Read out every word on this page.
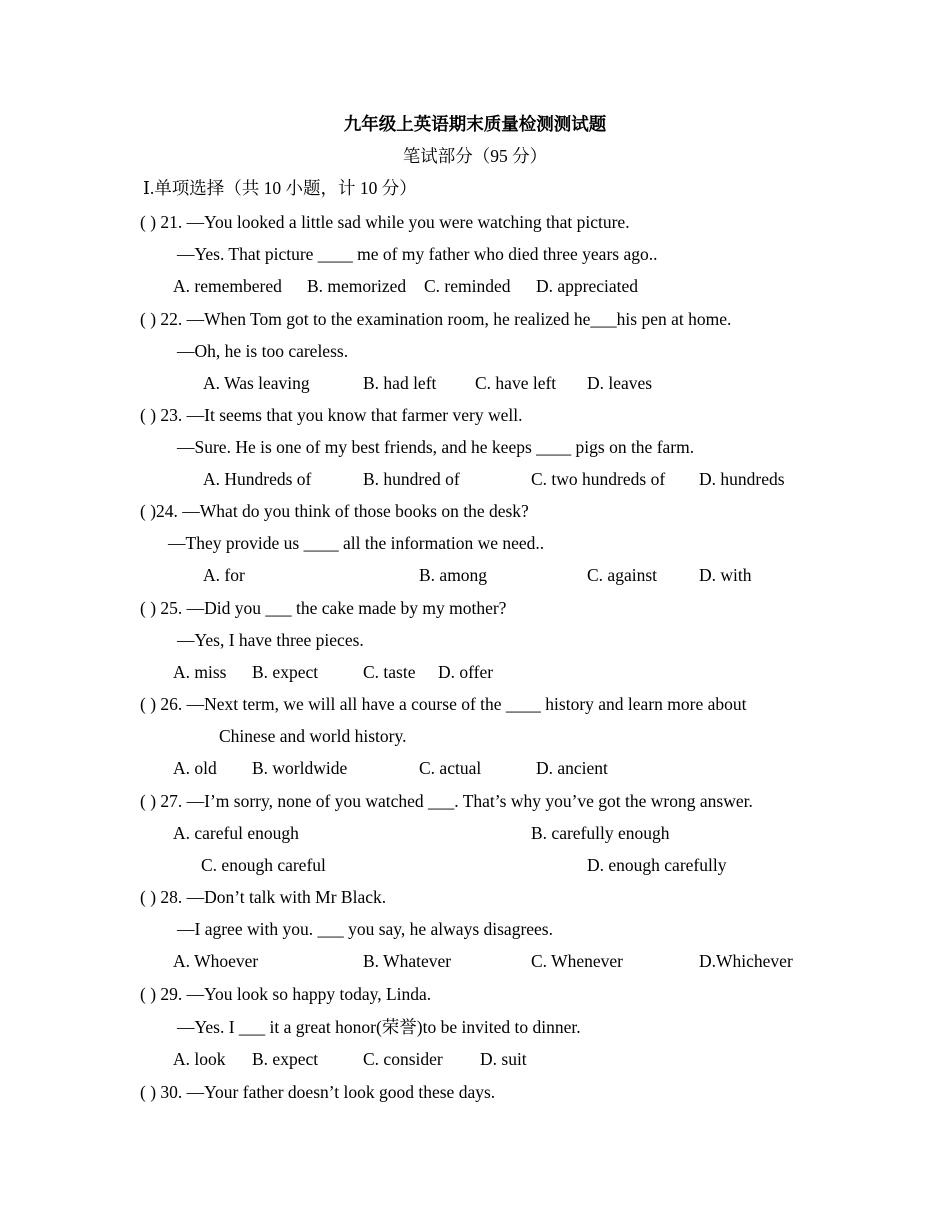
九年级上英语期末质量检测测试题
笔试部分（95 分）
Ⅰ.单项选择（共 10 小题，计 10 分）
( ) 21. —You looked a little sad while you were watching that picture.
—Yes. That picture ____ me of my father who died three years ago..
A. remembered B. memorized C. reminded D. appreciated
( ) 22. —When Tom got to the examination room, he realized he___his pen at home.
—Oh, he is too careless.
A. Was leaving	B. had left C. have left D. leaves
( ) 23. —It seems that you know that farmer very well.
—Sure. He is one of my best friends, and he keeps ____ pigs on the farm.
A. Hundreds of	B. hundred of	C. two hundreds of D. hundreds
( )24. —What do you think of those books on the desk?
—They provide us ____ all the information we need..
A. for	B. among	C. against D. with
( ) 25. —Did you ___ the cake made by my mother?
—Yes, I have three pieces.
A. miss B. expect	C. taste D. offer
( ) 26. —Next term, we will all have a course of the ____ history and learn more about
Chinese and world history.
A. old B. worldwide	C. actual	D. ancient
( ) 27. —I’m sorry, none of you watched ___. That’s why you’ve got the wrong answer.
A. careful enough	B. carefully enough
C. enough careful	D. enough carefully
( ) 28. —Don’t talk with Mr Black.
—I agree with you. ___ you say, he always disagrees.
A. Whoever	B. Whatever	C. Whenever	D.Whichever
( ) 29. —You look so happy today, Linda.
—Yes. I ___ it a great honor(荣誉)to be invited to dinner.
A. look B. expect	C. consider D. suit
( ) 30. —Your father doesn’t look good these days.
